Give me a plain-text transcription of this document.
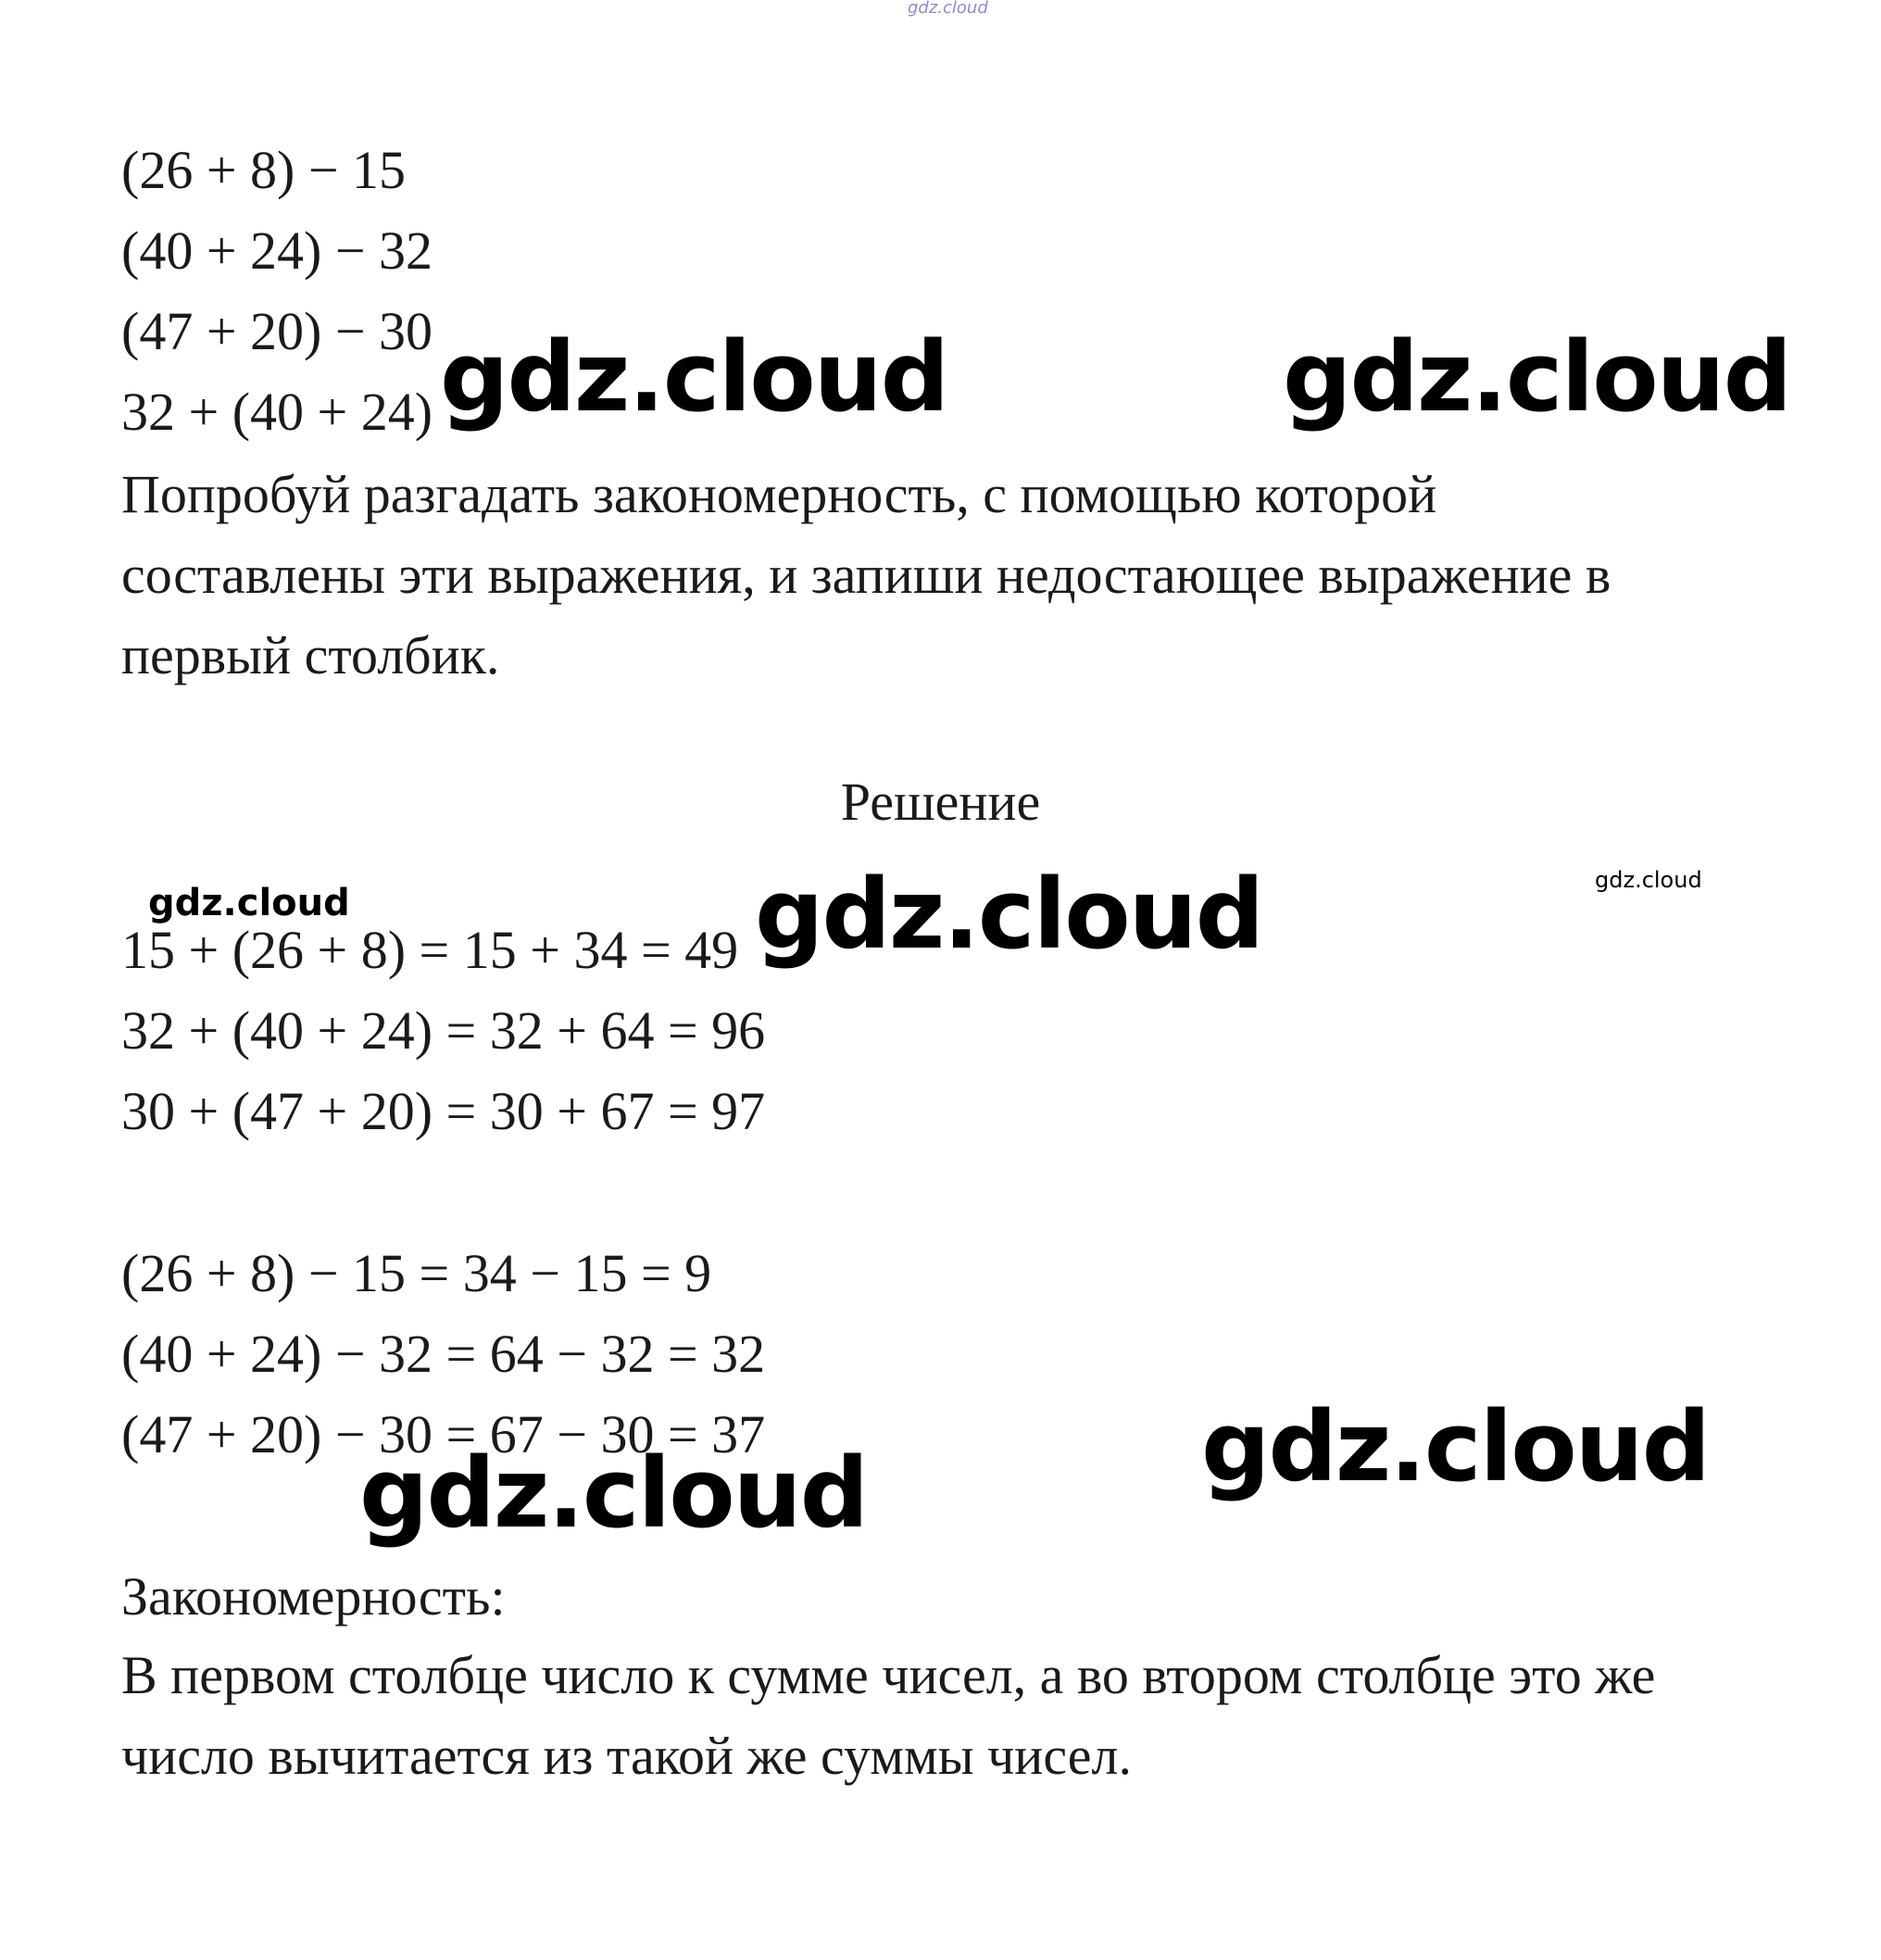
gdz.cloud
(26 + 8) − 15
(40 + 24) − 32
(47 + 20) − 30
32 + (40 + 24)

Попробуй разгадать закономерность, с помощью которой

составлены эти выражения, и запиши недостающее выражение в

первый столбик.

Решение
15 + (26 + 8) = 15 + 34 = 49
32 + (40 + 24) = 32 + 64 = 96
30 + (47 + 20) = 30 + 67 = 97
(26 + 8) − 15 = 34 − 15 = 9
(40 + 24) − 32 = 64 − 32 = 32
(47 + 20) − 30 = 67 − 30 = 37
Закономерность:

В первом столбце число к сумме чисел, а во втором столбце это же

число вычитается из такой же суммы чисел.

gdz.cloud	gdz.cloud
gdz.cloud	gdz.cloud	gdz.cloud
gdz.cloud
gdz.cloud
